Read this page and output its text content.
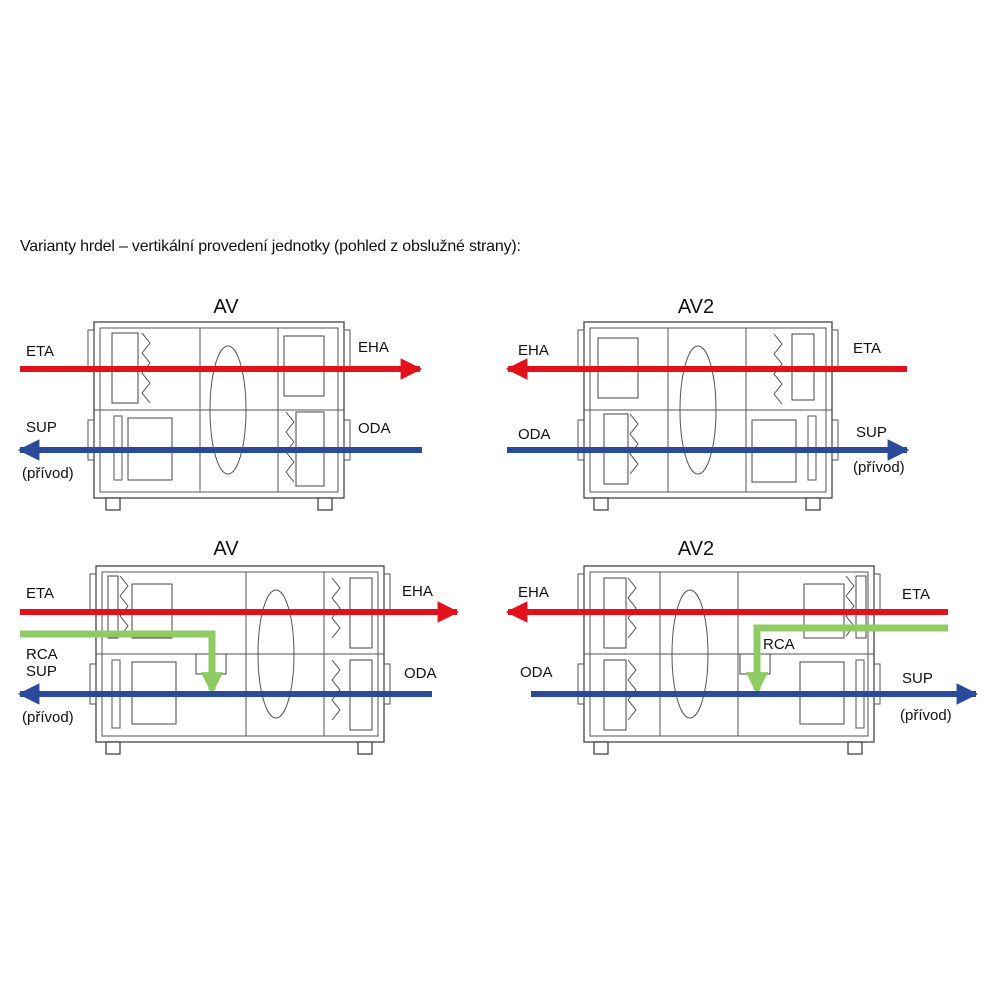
Varianty hrdel – vertikální provedení jednotky (pohled z obslužné strany):
AV
ETA	EHA
SUP
(přívod)
ODA
AV2
EHA	ETA
ODA	SUP
(přívod)
AV
ETA	EHA
RCA
SUP
(přívod)
ODA
AV2
EHA	ETA
RCA
ODA	SUP
(přívod)
